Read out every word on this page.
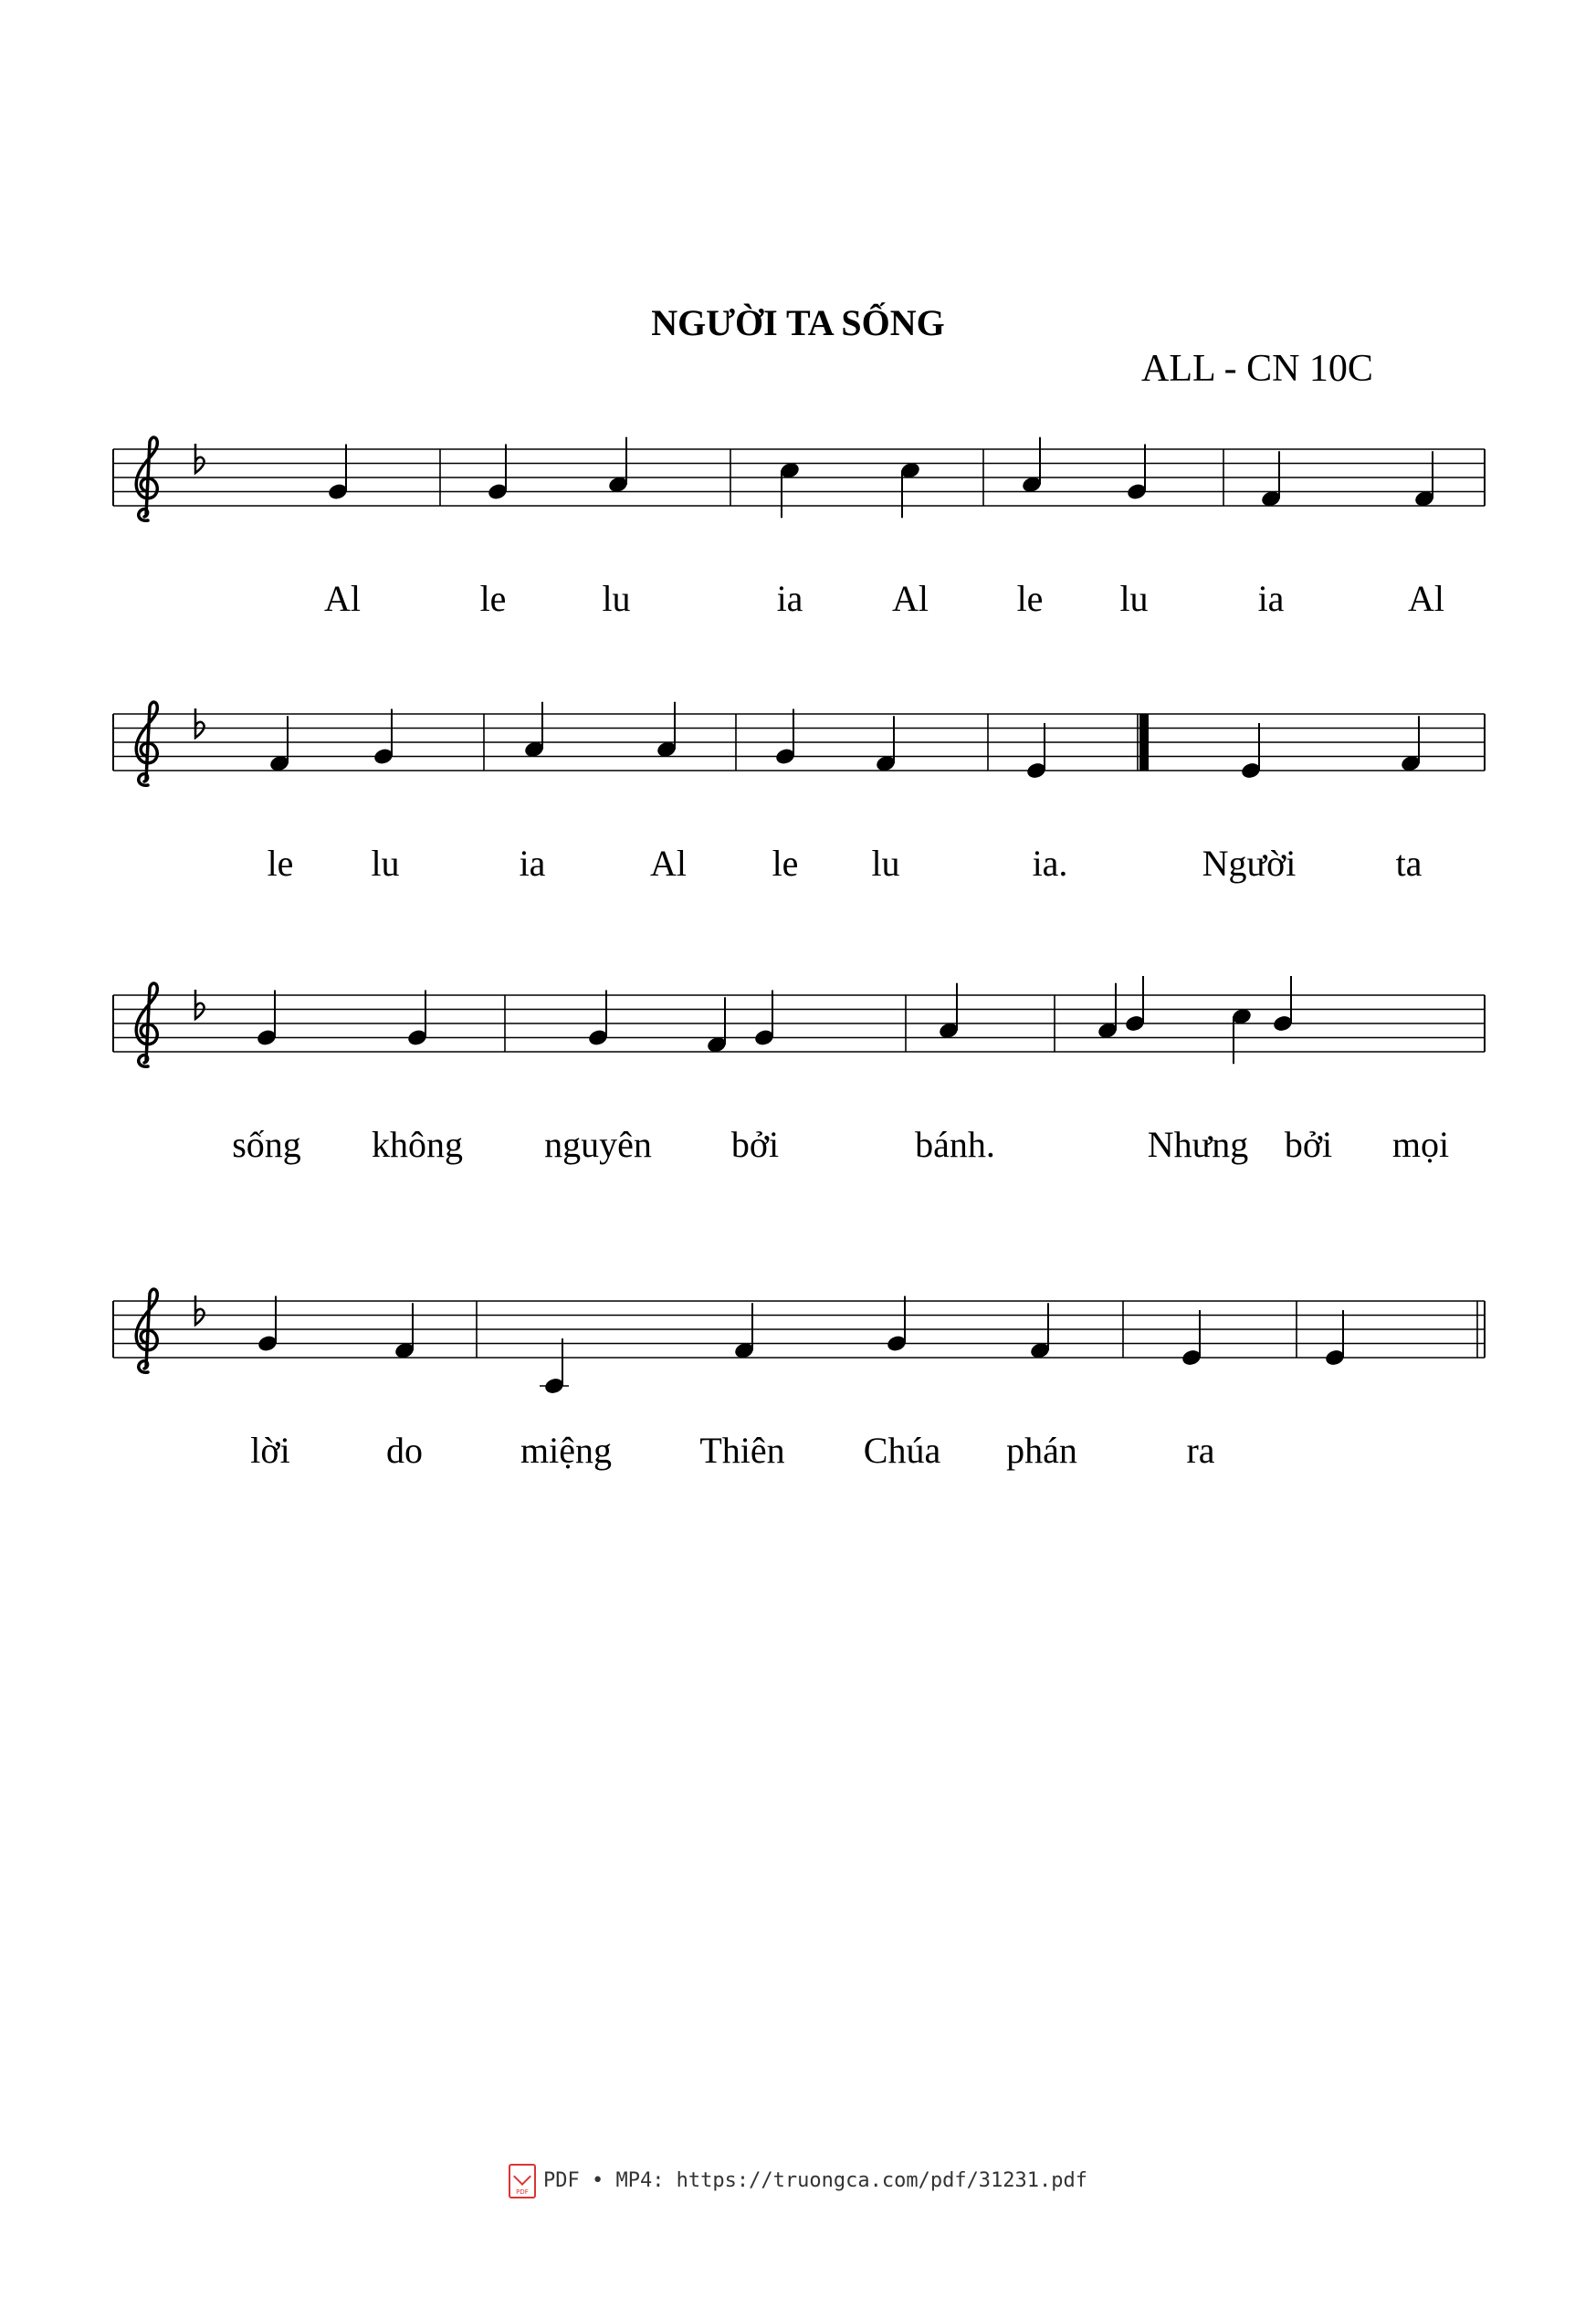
NGƯỜI TA SỐNG
ALL - CN 10C
Al	le	lu	ia Al le lu	ia	Al
le lu	ia	Al le lu	ia.	Người	ta
sống không nguyên bởi	bánh.	Nhưng bởi mọi
lời	do	miệng Thiên Chúa phán	ra
PDF PDF • MP4: https://truongca.com/pdf/31231.pdf
